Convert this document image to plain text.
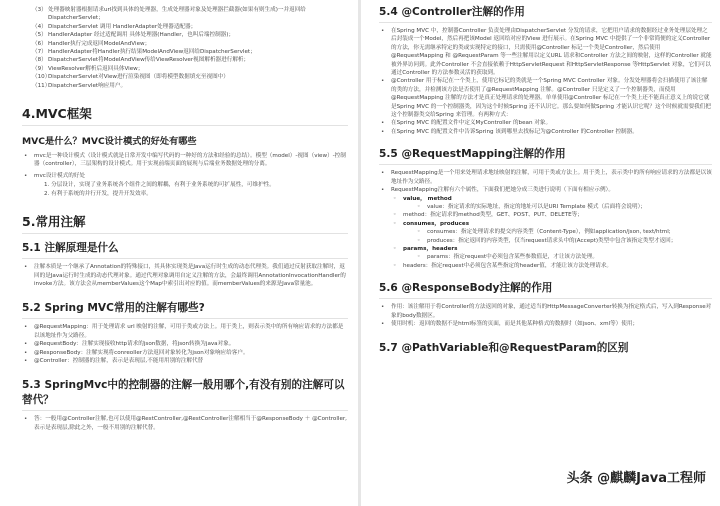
（3） 处理器映射器根据请求url找到具体的处理器，生成处理器对象及处理器拦截器(如果有则生成)一并返回给DispatcherServlet；
（4） DispatcherServlet 调用 HandlerAdapter处理器适配器；
（5） HandlerAdapter 经过适配调用 具体处理器(Handler，也叫后端控制器)；
（6） Handler执行完成返回ModelAndView；
（7） HandlerAdapter将Handler执行结果ModelAndView返回给DispatcherServlet；
（8） DispatcherServlet将ModelAndView传给ViewResolver视图解析器进行解析；
（9） ViewResolver解析后返回具体View；
（10）
DispatcherServlet对View进行渲染视图（即将模型数据填充至视图中）
（11）
DispatcherServlet响应用户。
4.MVC框架
MVC是什么？MVC设计模式的好处有哪些
• mvc是一种设计模式（设计模式就是日常开发中编写代码的一种好的方法和经验的总结）。模型（model）-视图（view）-控制器（controller），三层架构的设计模式。用于实现前端页面的展现与后端业务数据处理的分离。
• mvc设计模式的好处
1. 分层设计，实现了业务系统各个组件之间的解耦，有利于业务系统的可扩展性，可维护性。
2. 有利于系统的并行开发，提升开发效率。
5.常用注解
5.1 注解原理是什么
• 注解本质是一个继承了Annotation的特殊接口，其具体实现类是Java运行时生成的动态代理类。我们通过反射获取注解时，返回的是Java运行时生成的动态代理对象。通过代理对象调用自定义注解的方法，会最终调用AnnotationInvocationHandler的invoke方法。该方法会从memberValues这个Map中索引出对应的值。而memberValues的来源是Java常量池。
5.2 Spring MVC常用的注解有哪些?
• @RequestMapping：用于处理请求 url 映射的注解，可用于类或方法上。用于类上，则表示类中的所有响应请求的方法都是以该地址作为父路径。
• @RequestBody：注解实现接收http请求的json数据，将json转换为java对象。
• @ResponseBody：注解实现将conreoller方法返回对象转化为json对象响应给客户。
• @Controller：控制器的注解，表示是表现层,不能用用别的注解代替
5.3 SpringMvc中的控制器的注解一般用哪个,有没有别的注解可以替代？
• 答：一般用@Controller注解,也可以使用@RestController,@RestController注解相当于@ResponseBody ＋ @Controller,表示是表现层,除此之外，一般不用别的注解代替。
5.4 @Controller注解的作用
• 在Spring MVC 中，控制器Controller 负责处理由DispatcherServlet 分发的请求，它把用户请求的数据经过业务处理层处理之后封装成一个Model，然后再把该Model 返回给对应的View 进行展示。在Spring MVC 中提供了一个非常简便的定义Controller 的方法，你无需继承特定的类或实现特定的接口，只需使用@Controller 标记一个类是Controller，然后使用@RequestMapping 和 @RequestParam 等一些注解用以定义URL 请求和Controller 方法之间的映射，这样的Controller 就能被外界访问到。此外Controller 不会直接依赖于HttpServletRequest 和HttpServletResponse 等HttpServlet 对象，它们可以通过Controller 的方法参数灵活的获取到。
• @Controller 用于标记在一个类上，使用它标记的类就是一个Spring MVC Controller 对象。分发处理器将会扫描使用了该注解的类的方法，并检测该方法是否使用了@RequestMapping 注解。@Controller 只是定义了一个控制器类，而使用@RequestMapping 注解的方法才是真正处理请求的处理器。单单使用@Controller 标记在一个类上还不能真正意义上的说它就是Spring MVC 的一个控制器类，因为这个时候Spring 还不认识它。那么要如何做Spring 才能认识它呢？这个时候就需要我们把这个控制器类交给Spring 来管理。有两种方式：
• 在Spring MVC 的配置文件中定义MyController 的bean 对象。
• 在Spring MVC 的配置文件中告诉Spring 该到哪里去找标记为@Controller 的Controller 控制器。
5.5 @RequestMapping注解的作用
• RequestMapping是一个用来处理请求地址映射的注解，可用于类或方法上。用于类上，表示类中的所有响应请求的方法都是以该地址作为父路径。
• RequestMapping注解有六个属性，下面我们把她分成三类进行说明（下面有相应示例）。
◦ value， method
◦ value：指定请求的实际地址，指定的地址可以是URI Template 模式（后面将会说明）；
◦ method：指定请求的method类型，GET、POST、PUT、DELETE等；
◦ consumes，produces
◦ consumes：指定处理请求的提交内容类型（Content-Type），例如application/json, text/html;
◦ produces：指定返回的内容类型，仅当request请求头中的(Accept)类型中包含该指定类型才返回；
◦ params，headers
◦ params：指定request中必须包含某些参数值是，才让该方法处理。
◦ headers：指定request中必须包含某些指定的header值，才能让该方法处理请求。
5.6 @ResponseBody注解的作用
• 作用：该注解用于将Controller的方法返回的对象，通过适当的HttpMessageConverter转换为指定格式后，写入到Response对象的body数据区。
• 使用时机：返回的数据不是html标签的页面，而是其他某种格式的数据时（如json、xml等）使用；
5.7 @PathVariable和@RequestParam的区别
头条 @麒麟Java工程师
